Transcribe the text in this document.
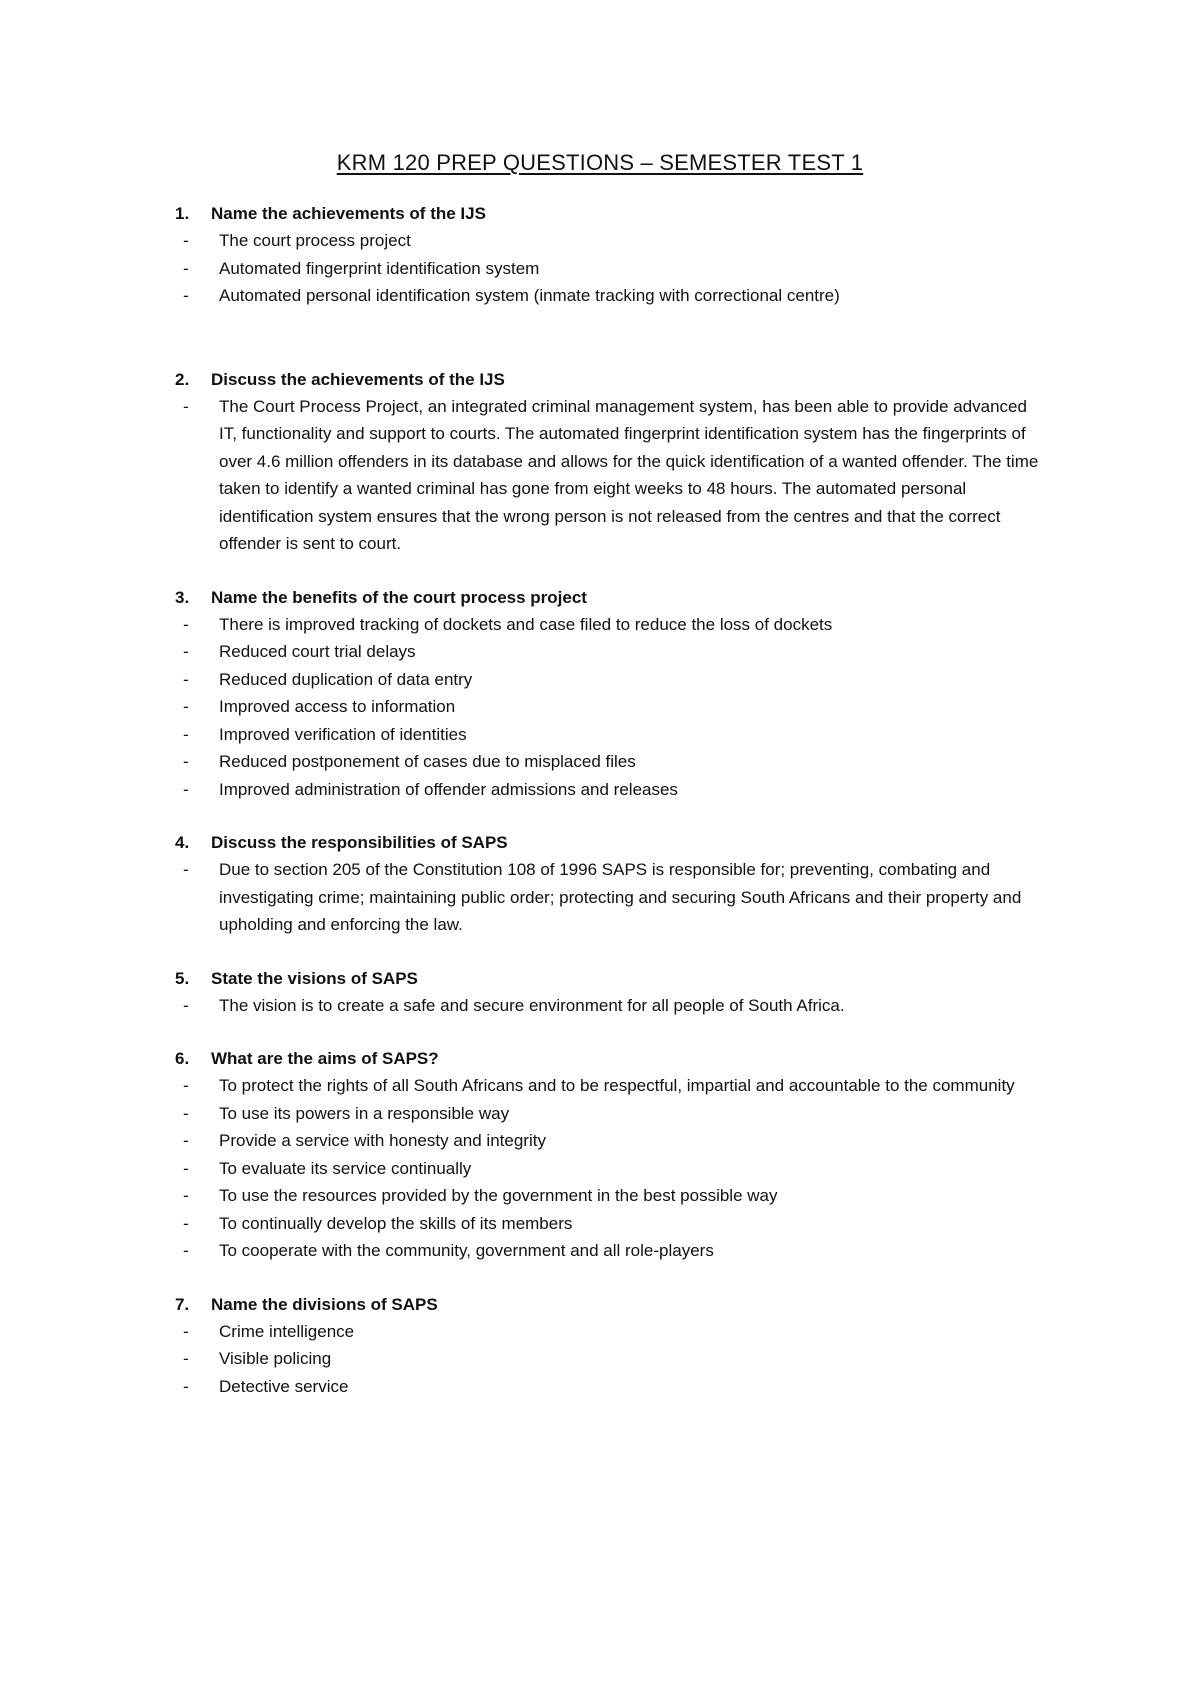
KRM 120 PREP QUESTIONS – SEMESTER TEST 1
1.	Name the achievements of the IJS
-	The court process project
-	Automated fingerprint identification system
-	Automated personal identification system (inmate tracking with correctional centre)
2.	Discuss the achievements of the IJS
-	The Court Process Project, an integrated criminal management system, has been able to provide advanced IT, functionality and support to courts. The automated fingerprint identification system has the fingerprints of over 4.6 million offenders in its database and allows for the quick identification of a wanted offender. The time taken to identify a wanted criminal has gone from eight weeks to 48 hours. The automated personal identification system ensures that the wrong person is not released from the centres and that the correct offender is sent to court.
3.	Name the benefits of the court process project
-	There is improved tracking of dockets and case filed to reduce the loss of dockets
-	Reduced court trial delays
-	Reduced duplication of data entry
-	Improved access to information
-	Improved verification of identities
-	Reduced postponement of cases due to misplaced files
-	Improved administration of offender admissions and releases
4.	Discuss the responsibilities of SAPS
-	Due to section 205 of the Constitution 108 of 1996 SAPS is responsible for; preventing, combating and investigating crime; maintaining public order; protecting and securing South Africans and their property and upholding and enforcing the law.
5.	State the visions of SAPS
-	The vision is to create a safe and secure environment for all people of South Africa.
6.	What are the aims of SAPS?
-	To protect the rights of all South Africans and to be respectful, impartial and accountable to the community
-	To use its powers in a responsible way
-	Provide a service with honesty and integrity
-	To evaluate its service continually
-	To use the resources provided by the government in the best possible way
-	To continually develop the skills of its members
-	To cooperate with the community, government and all role-players
7.	Name the divisions of SAPS
-	Crime intelligence
-	Visible policing
-	Detective service
